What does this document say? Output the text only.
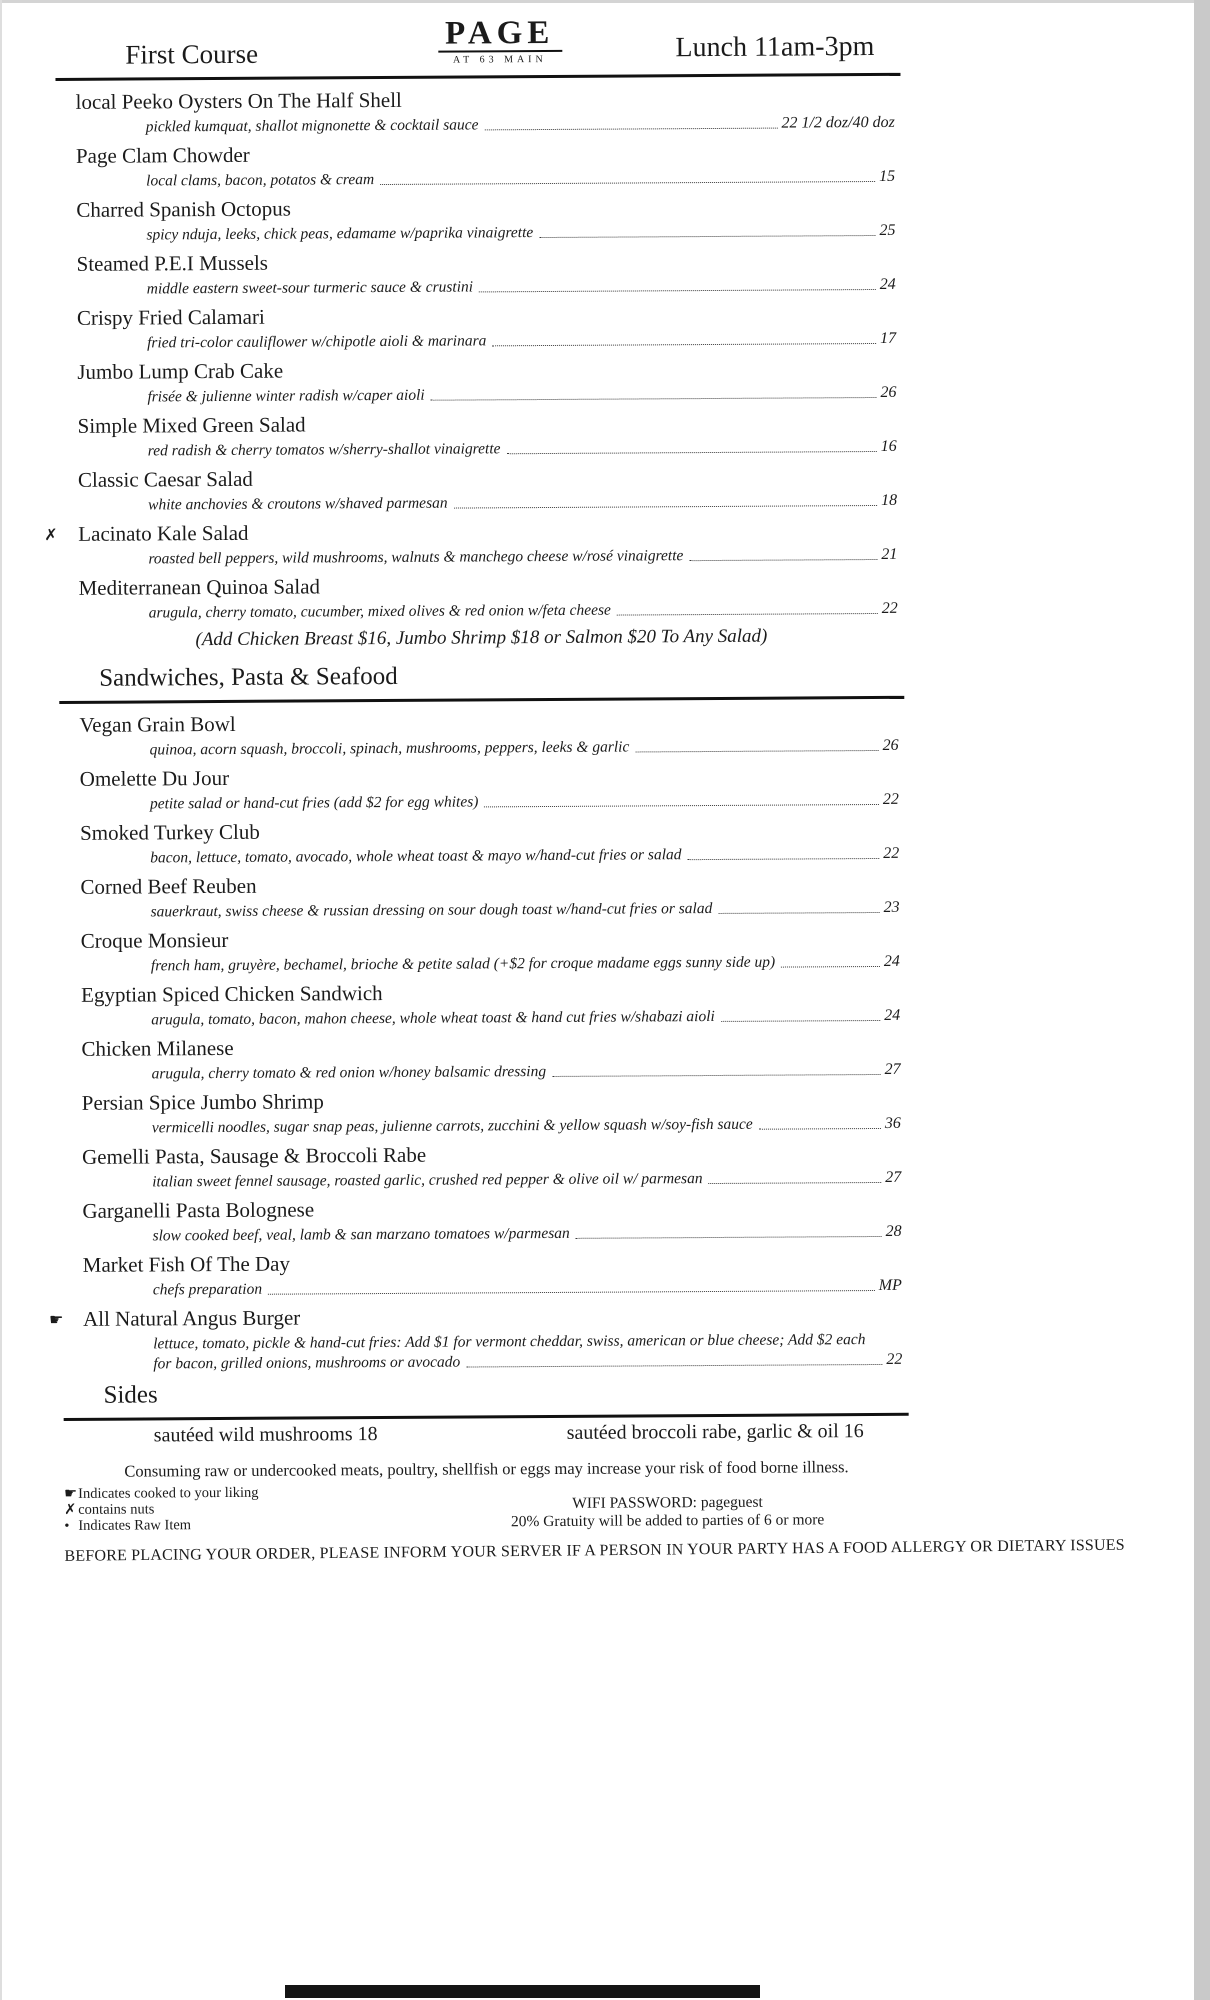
First Course
PAGE
AT 63 MAIN	Lunch 11am-3pm
local Peeko Oysters On The Half Shell
pickled kumquat, shallot mignonette & cocktail sauce	22 1/2 doz/40 doz
Page Clam Chowder
local clams, bacon, potatos & cream	15
Charred Spanish Octopus
spicy nduja, leeks, chick peas, edamame w/paprika vinaigrette	25
Steamed P.E.I Mussels
middle eastern sweet-sour turmeric sauce & crustini	24
Crispy Fried Calamari
fried tri-color cauliflower w/chipotle aioli & marinara	17
Jumbo Lump Crab Cake
frisée & julienne winter radish w/caper aioli	26
Simple Mixed Green Salad
red radish & cherry tomatos w/sherry-shallot vinaigrette	16
Classic Caesar Salad
white anchovies & croutons w/shaved parmesan	18
✗ Lacinato Kale Salad
roasted bell peppers, wild mushrooms, walnuts & manchego cheese w/rosé vinaigrette	21
Mediterranean Quinoa Salad
arugula, cherry tomato, cucumber, mixed olives & red onion w/feta cheese	22
(Add Chicken Breast $16, Jumbo Shrimp $18 or Salmon $20 To Any Salad)
Sandwiches, Pasta & Seafood
Vegan Grain Bowl
quinoa, acorn squash, broccoli, spinach, mushrooms, peppers, leeks & garlic	26
Omelette Du Jour
petite salad or hand-cut fries (add $2 for egg whites)	22
Smoked Turkey Club
bacon, lettuce, tomato, avocado, whole wheat toast & mayo w/hand-cut fries or salad	22
Corned Beef Reuben
sauerkraut, swiss cheese & russian dressing on sour dough toast w/hand-cut fries or salad	23
Croque Monsieur
french ham, gruyère, bechamel, brioche & petite salad (+$2 for croque madame eggs sunny side up)	24
Egyptian Spiced Chicken Sandwich
arugula, tomato, bacon, mahon cheese, whole wheat toast & hand cut fries w/shabazi aioli	24
Chicken Milanese
arugula, cherry tomato & red onion w/honey balsamic dressing	27
Persian Spice Jumbo Shrimp
vermicelli noodles, sugar snap peas, julienne carrots, zucchini & yellow squash w/soy-fish sauce	36
Gemelli Pasta, Sausage & Broccoli Rabe
italian sweet fennel sausage, roasted garlic, crushed red pepper & olive oil w/ parmesan	27
Garganelli Pasta Bolognese
slow cooked beef, veal, lamb & san marzano tomatoes w/parmesan	28
Market Fish Of The Day
chefs preparation	MP
☛ All Natural Angus Burger
lettuce, tomato, pickle & hand-cut fries: Add $1 for vermont cheddar, swiss, american or blue cheese; Add $2 each
for bacon, grilled onions, mushrooms or avocado	22
Sides
sautéed wild mushrooms 18	sautéed broccoli rabe, garlic & oil 16
Consuming raw or undercooked meats, poultry, shellfish or eggs may increase your risk of food borne illness.
☛Indicates cooked to your liking
✗ contains nuts
• Indicates Raw Item
WIFI PASSWORD: pageguest
20% Gratuity will be added to parties of 6 or more
BEFORE PLACING YOUR ORDER, PLEASE INFORM YOUR SERVER IF A PERSON IN YOUR PARTY HAS A FOOD ALLERGY OR DIETARY ISSUES
